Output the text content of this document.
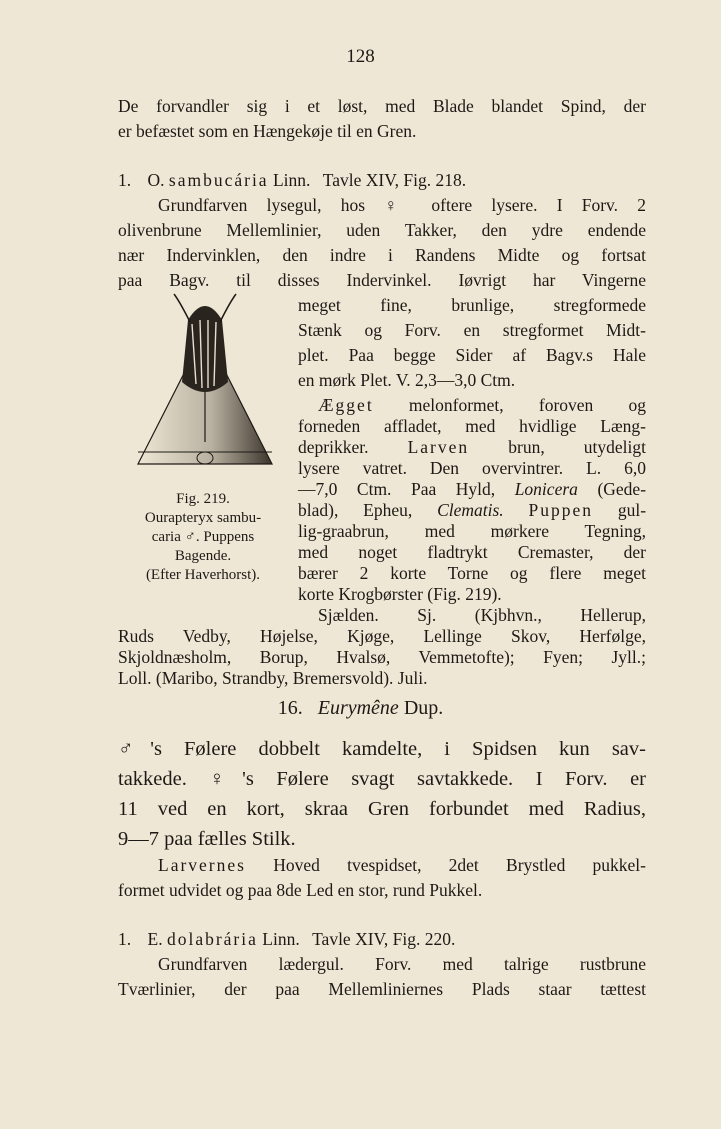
128
De forvandler sig i et løst, med Blade blandet Spind, der
er befæstet som en Hængekøje til en Gren.
1. O. sambucária Linn. Tavle XIV, Fig. 218.
Grundfarven lysegul, hos ♀ oftere lysere. I Forv. 2
olivenbrune Mellemlinier, uden Takker, den ydre endende
nær Indervinklen, den indre i Randens Midte og fortsat
paa Bagv. til disses Indervinkel. Iøvrigt har Vingerne
meget fine, brunlige, stregformede
Stænk og Forv. en stregformet Midt-
plet. Paa begge Sider af Bagv.s Hale
en mørk Plet. V. 2,3—3,0 Ctm.
Ægget melonformet, foroven og
forneden affladet, med hvidlige Læng-
deprikker. Larven brun, utydeligt
lysere vatret. Den overvintrer. L. 6,0
—7,0 Ctm. Paa Hyld, Lonicera (Gede-
blad), Epheu, Clematis. Puppen gul-
lig-graabrun, med mørkere Tegning,
med noget fladtrykt Cremaster, der
bærer 2 korte Torne og flere meget
korte Krogbørster (Fig. 219).
Fig. 219.
Ourapteryx sambu-
caria ♂. Puppens
Bagende.
(Efter Haverhorst).
Sjælden. Sj. (Kjbhvn., Hellerup,
Ruds Vedby, Højelse, Kjøge, Lellinge Skov, Herfølge,
Skjoldnæsholm, Borup, Hvalsø, Vemmetofte); Fyen; Jyll.;
Loll. (Maribo, Strandby, Bremersvold). Juli.
16. Eurymêne Dup.
♂'s Følere dobbelt kamdelte, i Spidsen kun sav-
takkede. ♀'s Følere svagt savtakkede. I Forv. er
11 ved en kort, skraa Gren forbundet med Radius,
9—7 paa fælles Stilk.
Larvernes Hoved tvespidset, 2det Brystled pukkel-
formet udvidet og paa 8de Led en stor, rund Pukkel.
1. E. dolabrária Linn. Tavle XIV, Fig. 220.
Grundfarven lædergul. Forv. med talrige rustbrune
Tværlinier, der paa Mellemliniernes Plads staar tættest
